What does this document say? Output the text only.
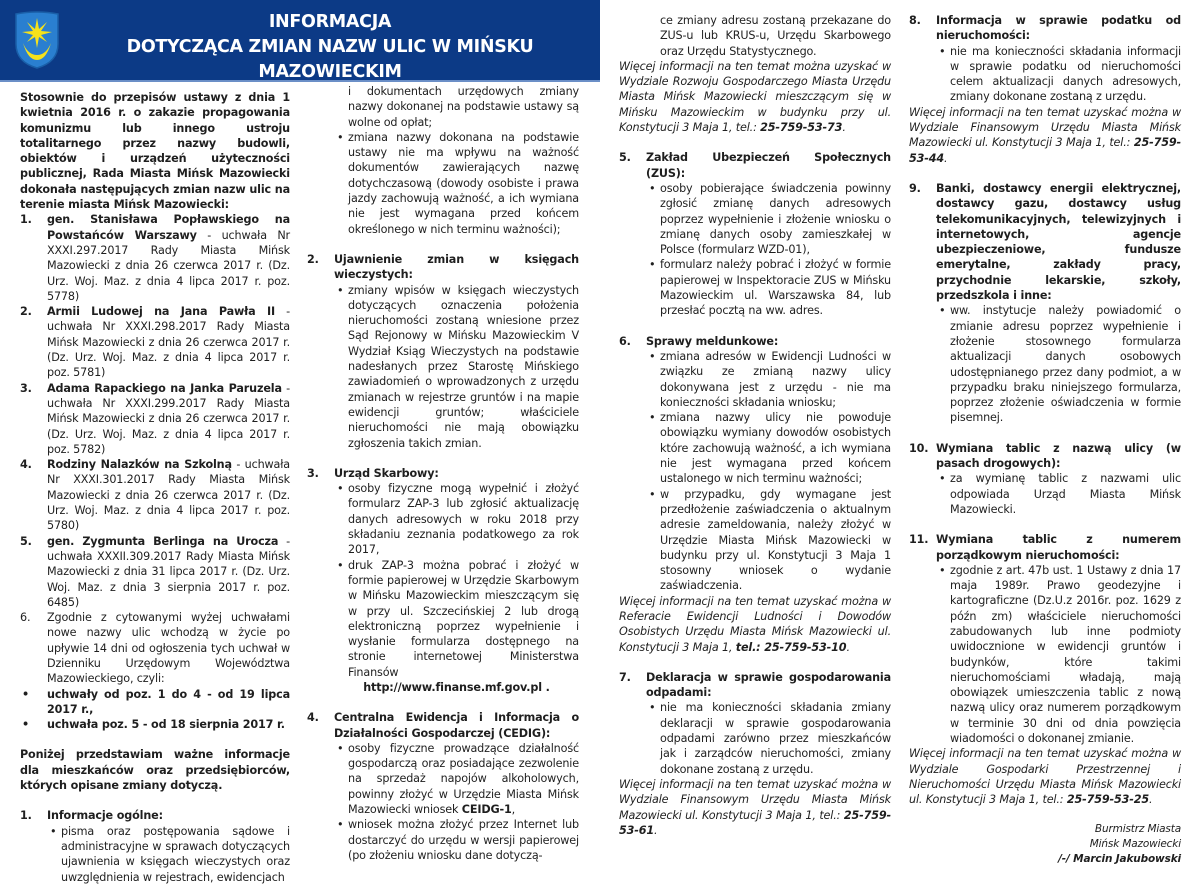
INFORMACJA
DOTYCZĄCA ZMIAN NAZW ULIC W MIŃSKU MAZOWIECKIM

Stosownie do przepisów ustawy z dnia 1 kwietnia 2016 r. o zakazie propagowania komunizmu lub innego ustroju totalitarnego przez nazwy budowli, obiektów i urządzeń użyteczności publicznej, Rada Miasta Mińsk Mazowiecki dokonała następujących zmian nazw ulic na terenie miasta Mińsk Mazowiecki:

1. gen. Stanisława Popławskiego na Powstańców Warszawy - uchwała Nr XXXI.297.2017 Rady Miasta Mińsk Mazowiecki z dnia 26 czerwca 2017 r. (Dz. Urz. Woj. Maz. z dnia 4 lipca 2017 r. poz. 5778)
2. Armii Ludowej na Jana Pawła II - uchwała Nr XXXI.298.2017 Rady Miasta Mińsk Mazowiecki z dnia 26 czerwca 2017 r. (Dz. Urz. Woj. Maz. z dnia 4 lipca 2017 r. poz. 5781)
3. Adama Rapackiego na Janka Paruzela - uchwała Nr XXXI.299.2017 Rady Miasta Mińsk Mazowiecki z dnia 26 czerwca 2017 r. (Dz. Urz. Woj. Maz. z dnia 4 lipca 2017 r. poz. 5782)
4. Rodziny Nalazków na Szkolną - uchwała Nr XXXI.301.2017 Rady Miasta Mińsk Mazowiecki z dnia 26 czerwca 2017 r. (Dz. Urz. Woj. Maz. z dnia 4 lipca 2017 r. poz. 5780)
5. gen. Zygmunta Berlinga na Urocza - uchwała XXXII.309.2017 Rady Miasta Mińsk Mazowiecki z dnia 31 lipca 2017 r. (Dz. Urz. Woj. Maz. z dnia 3 sierpnia 2017 r. poz. 6485)
6. Zgodnie z cytowanymi wyżej uchwałami nowe nazwy ulic wchodzą w życie po upływie 14 dni od ogłoszenia tych uchwał w Dzienniku Urzędowym Województwa Mazowieckiego, czyli:
• uchwały od poz. 1 do 4 - od 19 lipca 2017 r.,
• uchwała poz. 5 - od 18 sierpnia 2017 r.

Poniżej przedstawiam ważne informacje dla mieszkańców oraz przedsiębiorców, których opisane zmiany dotyczą.

1. Informacje ogólne:
• pisma oraz postępowania sądowe i administracyjne w sprawach dotyczących ujawnienia w księgach wieczystych oraz uwzględnienia w rejestrach, ewidencjach
i dokumentach urzędowych zmiany nazwy dokonanej na podstawie ustawy są wolne od opłat;
• zmiana nazwy dokonana na podstawie ustawy nie ma wpływu na ważność dokumentów zawierających nazwę dotychczasową (dowody osobiste i prawa jazdy zachowują ważność, a ich wymiana nie jest wymagana przed końcem określonego w nich terminu ważności);
2. Ujawnienie zmian w księgach wieczystych:
• zmiany wpisów w księgach wieczystych dotyczących oznaczenia położenia nieruchomości zostaną wniesione przez Sąd Rejonowy w Mińsku Mazowieckim V Wydział Ksiąg Wieczystych na podstawie nadesłanych przez Starostę Mińskiego zawiadomień o wprowadzonych z urzędu zmianach w rejestrze gruntów i na mapie ewidencji gruntów; właściciele nieruchomości nie mają obowiązku zgłoszenia takich zmian.
3. Urząd Skarbowy:
• osoby fizyczne mogą wypełnić i złożyć formularz ZAP-3 lub zgłosić aktualizację danych adresowych w roku 2018 przy składaniu zeznania podatkowego za rok 2017,
• druk ZAP-3 można pobrać i złożyć w formie papierowej w Urzędzie Skarbowym w Mińsku Mazowieckim mieszczącym się w przy ul. Szczecińskiej 2 lub drogą elektroniczną poprzez wypełnienie i wysłanie formularza dostępnego na stronie internetowej Ministerstwa Finansów
http://www.finanse.mf.gov.pl .
4. Centralna Ewidencja i Informacja o Działalności Gospodarczej (CEDIG):
• osoby fizyczne prowadzące działalność gospodarczą oraz posiadające zezwolenie na sprzedaż napojów alkoholowych, powinny złożyć w Urzędzie Miasta Mińsk Mazowiecki wniosek CEIDG-1,
• wniosek można złożyć przez Internet lub dostarczyć do urzędu w wersji papierowej (po złożeniu wniosku dane dotyczą-
ce zmiany adresu zostaną przekazane do ZUS-u lub KRUS-u, Urzędu Skarbowego oraz Urzędu Statystycznego.

Więcej informacji na ten temat można uzyskać w Wydziale Rozwoju Gospodarczego Miasta Urzędu Miasta Mińsk Mazowiecki mieszczącym się w Mińsku Mazowieckim w budynku przy ul. Konstytucji 3 Maja 1, tel.: 25-759-53-73.

5. Zakład Ubezpieczeń Społecznych (ZUS):
• osoby pobierające świadczenia powinny zgłosić zmianę danych adresowych poprzez wypełnienie i złożenie wniosku o zmianę danych osoby zamieszkałej w Polsce (formularz WZD-01),
• formularz należy pobrać i złożyć w formie papierowej w Inspektoracie ZUS w Mińsku Mazowieckim ul. Warszawska 84, lub przesłać pocztą na ww. adres.
6. Sprawy meldunkowe:
• zmiana adresów w Ewidencji Ludności w związku ze zmianą nazwy ulicy dokonywana jest z urzędu - nie ma konieczności składania wniosku;
• zmiana nazwy ulicy nie powoduje obowiązku wymiany dowodów osobistych które zachowują ważność, a ich wymiana nie jest wymagana przed końcem ustalonego w nich terminu ważności;
• w przypadku, gdy wymagane jest przedłożenie zaświadczenia o aktualnym adresie zameldowania, należy złożyć w Urzędzie Miasta Mińsk Mazowiecki w budynku przy ul. Konstytucji 3 Maja 1 stosowny wniosek o wydanie zaświadczenia.

Więcej informacji na ten temat uzyskać można w Referacie Ewidencji Ludności i Dowodów Osobistych Urzędu Miasta Mińsk Mazowiecki ul. Konstytucji 3 Maja 1, tel.: 25-759-53-10.

7. Deklaracja w sprawie gospodarowania odpadami:
• nie ma konieczności składania zmiany deklaracji w sprawie gospodarowania odpadami zarówno przez mieszkańców jak i zarządców nieruchomości, zmiany dokonane zostaną z urzędu.

Więcej informacji na ten temat uzyskać można w Wydziale Finansowym Urzędu Miasta Mińsk Mazowiecki ul. Konstytucji 3 Maja 1, tel.: 25-759-53-61.

8. Informacja w sprawie podatku od nieruchomości:
• nie ma konieczności składania informacji w sprawie podatku od nieruchomości celem aktualizacji danych adresowych, zmiany dokonane zostaną z urzędu.

Więcej informacji na ten temat uzyskać można w Wydziale Finansowym Urzędu Miasta Mińsk Mazowiecki ul. Konstytucji 3 Maja 1, tel.: 25-759-53-44.

9. Banki, dostawcy energii elektrycznej, dostawcy gazu, dostawcy usług telekomunikacyjnych, telewizyjnych i internetowych, agencje ubezpieczeniowe, fundusze emerytalne, zakłady pracy, przychodnie lekarskie, szkoły, przedszkola i inne:
• ww. instytucje należy powiadomić o zmianie adresu poprzez wypełnienie i złożenie stosownego formularza aktualizacji danych osobowych udostępnianego przez dany podmiot, a w przypadku braku niniejszego formularza, poprzez złożenie oświadczenia w formie pisemnej.
10. Wymiana tablic z nazwą ulicy (w pasach drogowych):
• za wymianę tablic z nazwami ulic odpowiada Urząd Miasta Mińsk Mazowiecki.
11. Wymiana tablic z numerem porządkowym nieruchomości:
• zgodnie z art. 47b ust. 1 Ustawy z dnia 17 maja 1989r. Prawo geodezyjne i kartograficzne (Dz.U.z 2016r. poz. 1629 z późn zm) właściciele nieruchomości zabudowanych lub inne podmioty uwidocznione w ewidencji gruntów i budynków, które takimi nieruchomościami władają, mają obowiązek umieszczenia tablic z nową nazwą ulicy oraz numerem porządkowym w terminie 30 dni od dnia powzięcia wiadomości o dokonanej zmianie.

Więcej informacji na ten temat uzyskać można w Wydziale Gospodarki Przestrzennej i Nieruchomości Urzędu Miasta Mińsk Mazowiecki ul. Konstytucji 3 Maja 1, tel.: 25-759-53-25.

Burmistrz Miasta
Mińsk Mazowiecki
/-/ Marcin Jakubowski
